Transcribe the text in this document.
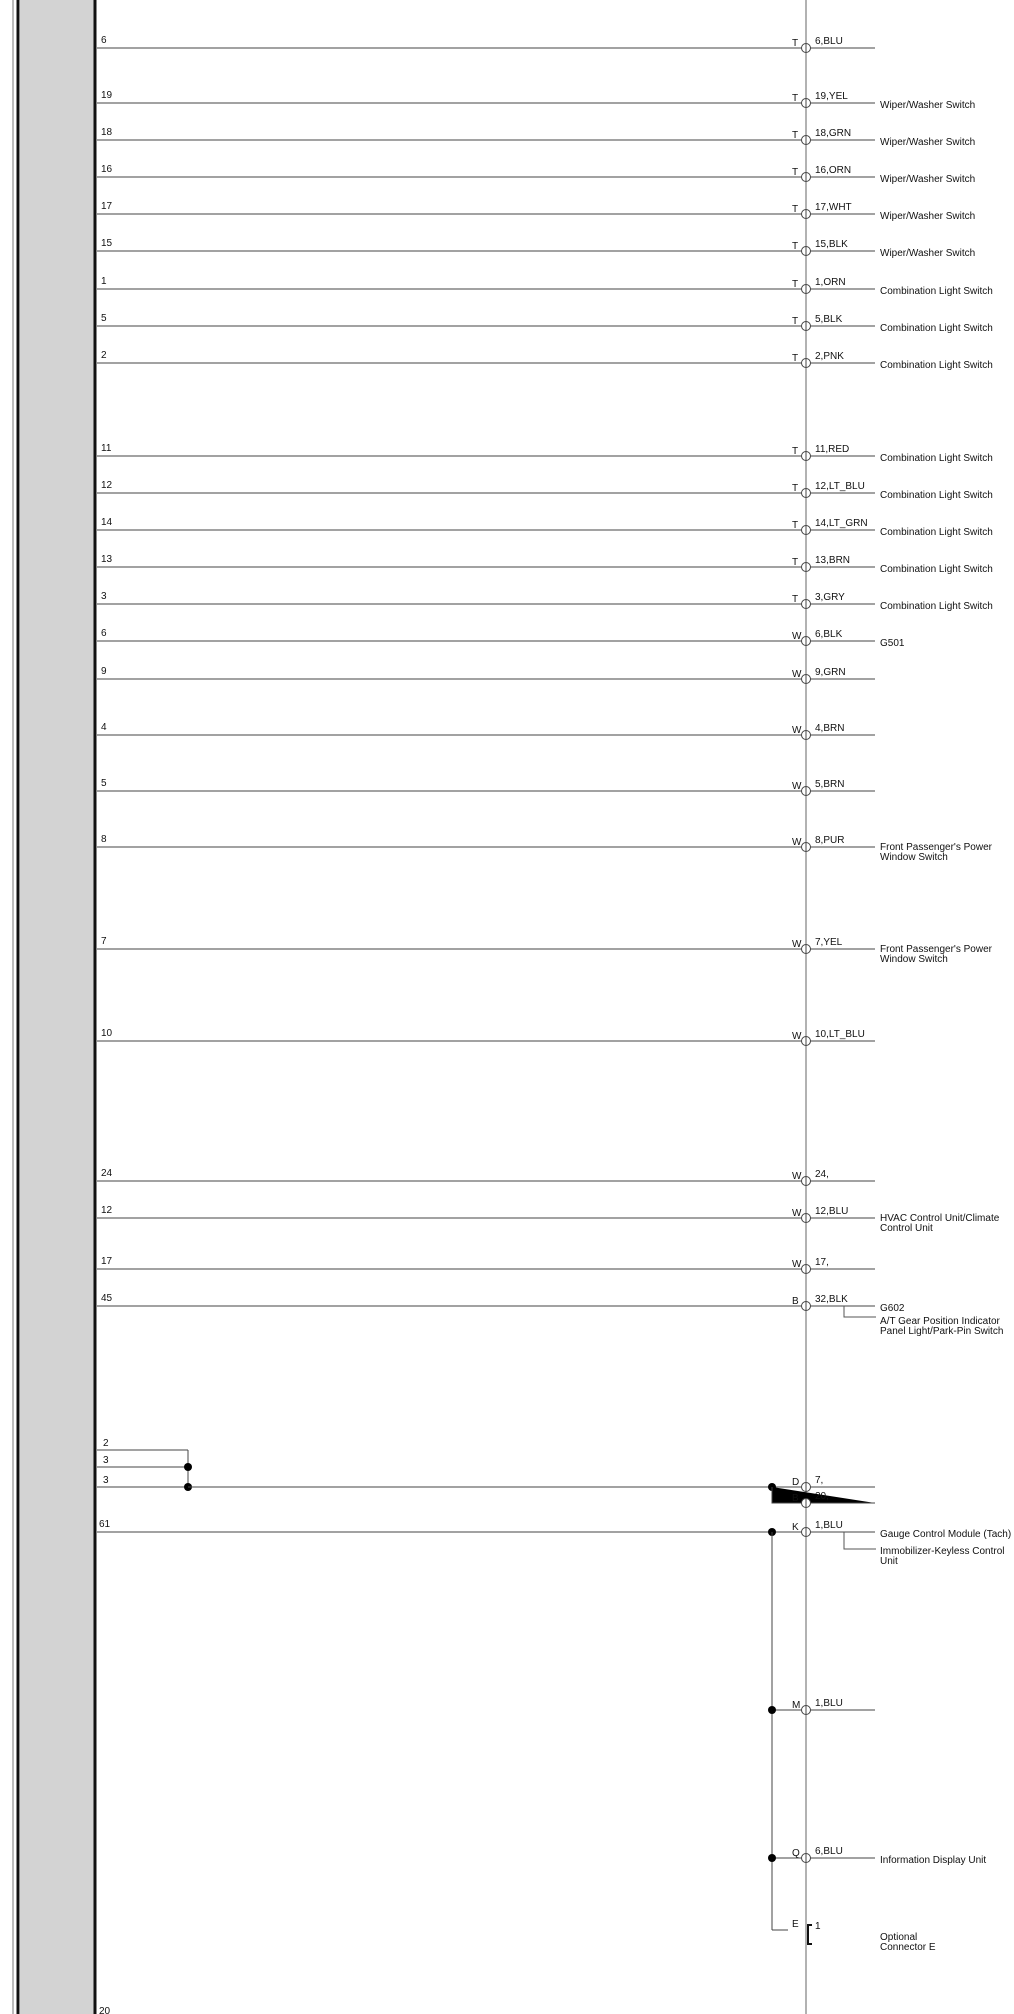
6	T 6,BLU
19	T 19,YEL
Wiper/Washer Switch
18	T 18,GRN
Wiper/Washer Switch
16	T 16,ORN
Wiper/Washer Switch
17	T 17,WHT
Wiper/Washer Switch
15	T 15,BLK
Wiper/Washer Switch
1	T 1,ORN
Combination Light Switch
5	T 5,BLK
Combination Light Switch
2	T 2,PNK
Combination Light Switch
11	T 11,RED
Combination Light Switch
12	T 12,LT_BLU
Combination Light Switch
14	T 14,LT_GRN
Combination Light Switch
13	T 13,BRN
Combination Light Switch
3	T 3,GRY
Combination Light Switch
6	W 6,BLK
G501
9	W 9,GRN
4	W 4,BRN
5	W 5,BRN
8	W 8,PUR
Front Passenger's Power
Window Switch
7	W 7,YEL
Front Passenger's Power
Window Switch
10	W 10,LT_BLU
24	W 24,
12	W 12,BLU
HVAC Control Unit/Climate
Control Unit
17	W 17,
45	B 32,BLK
G602
A/T Gear Position Indicator
Panel Light/Park-Pin Switch
2
3
3	D 7,
B 20,
61	K 1,BLU
Gauge Control Module (Tach)
Immobilizer-Keyless Control
Unit
M 1,BLU
Q 6,BLU
Information Display Unit
E 1
Optional
Connector E
20
